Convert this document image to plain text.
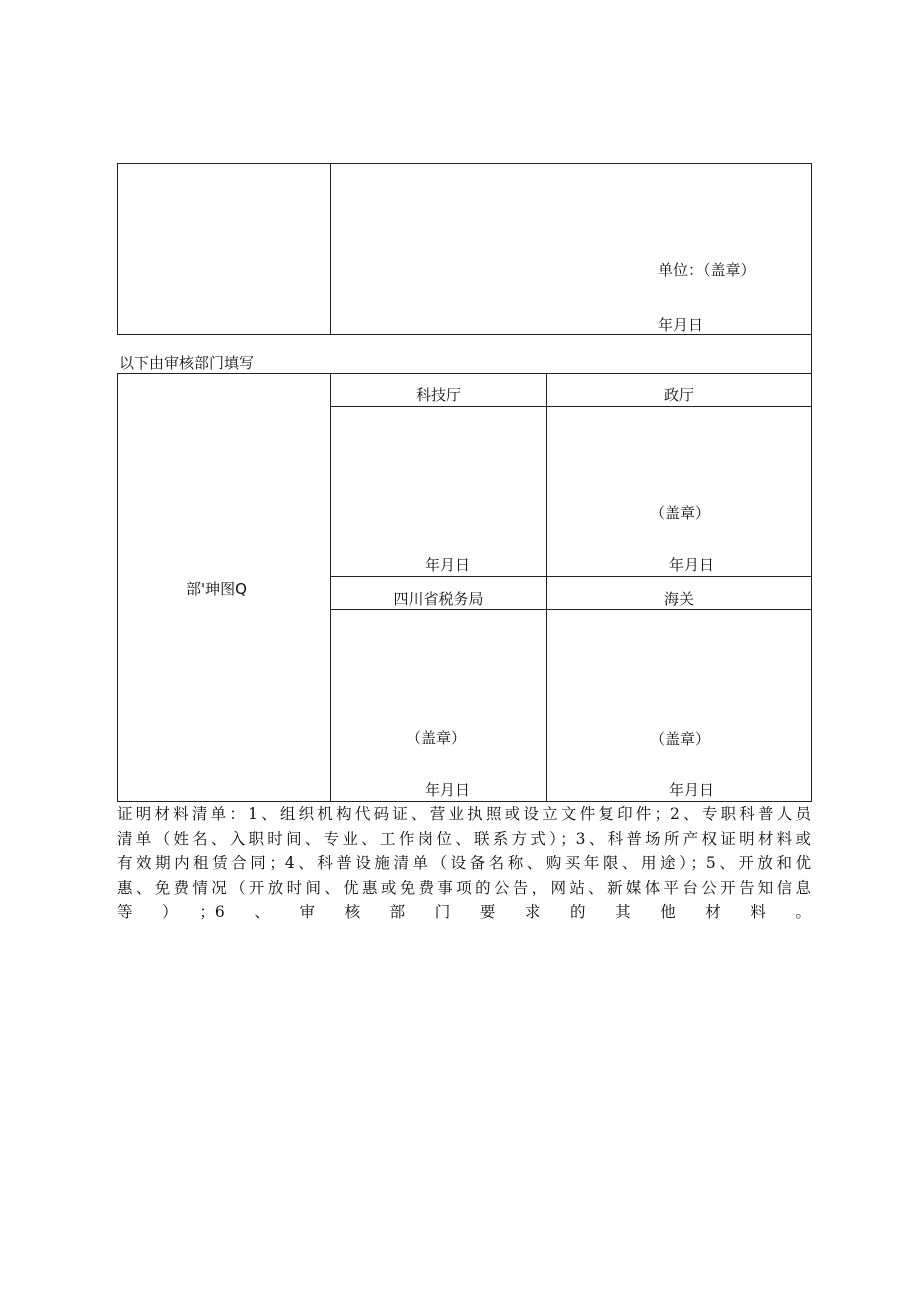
单位：（盖章）
年月日
以下由审核部门填写
部'珅图Q
科技厅
年月日
政厅
（盖章）
年月日
四川省税务局
（盖章）
年月日
海关
（盖章）
年月日
证明材料清单：1、组织机构代码证、营业执照或设立文件复印件；2、专职科普人员
清单（姓名、入职时间、专业、工作岗位、联系方式）；3、科普场所产权证明材料或
有效期内租赁合同；4、科普设施清单（设备名称、购买年限、用途）；5、开放和优
惠、免费情况（开放时间、优惠或免费事项的公告，网站、新媒体平台公开告知信息
等）；6、审核部门要求的其他材料。
